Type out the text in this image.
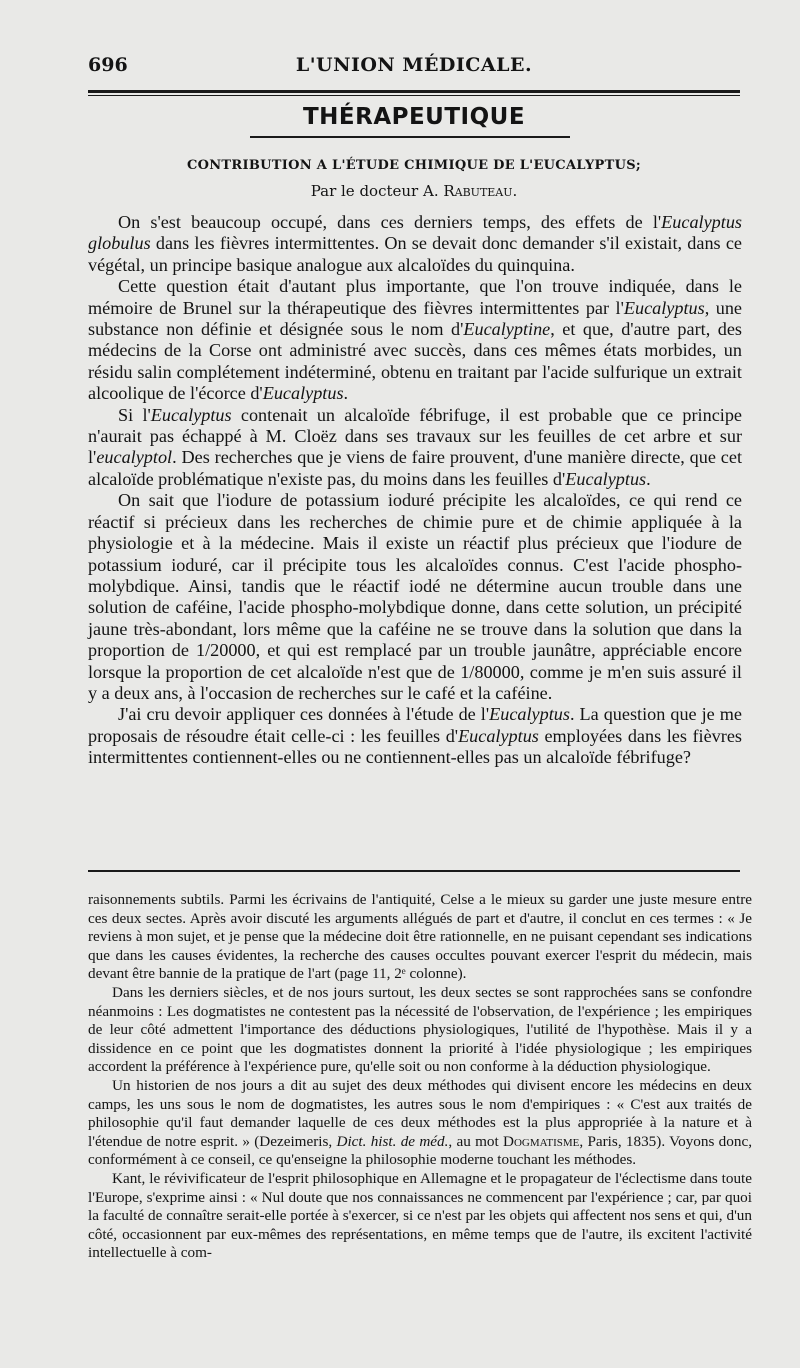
696	L'UNION MÉDICALE.
THÉRAPEUTIQUE
CONTRIBUTION A L'ÉTUDE CHIMIQUE DE L'EUCALYPTUS;
Par le docteur A. Rabuteau.

On s'est beaucoup occupé, dans ces derniers temps, des effets de l'Eucalyptus globulus dans les fièvres intermittentes. On se devait donc demander s'il existait, dans ce végétal, un principe basique analogue aux alcaloïdes du quinquina.

Cette question était d'autant plus importante, que l'on trouve indiquée, dans le mémoire de Brunel sur la thérapeutique des fièvres intermittentes par l'Eucalyptus, une substance non définie et désignée sous le nom d'Eucalyptine, et que, d'autre part, des médecins de la Corse ont administré avec succès, dans ces mêmes états morbides, un résidu salin complétement indéterminé, obtenu en traitant par l'acide sulfurique un extrait alcoolique de l'écorce d'Eucalyptus.

Si l'Eucalyptus contenait un alcaloïde fébrifuge, il est probable que ce principe n'aurait pas échappé à M. Cloëz dans ses travaux sur les feuilles de cet arbre et sur l'eucalyptol. Des recherches que je viens de faire prouvent, d'une manière directe, que cet alcaloïde problématique n'existe pas, du moins dans les feuilles d'Eucalyptus.

On sait que l'iodure de potassium ioduré précipite les alcaloïdes, ce qui rend ce réactif si précieux dans les recherches de chimie pure et de chimie appliquée à la physiologie et à la médecine. Mais il existe un réactif plus précieux que l'iodure de potassium ioduré, car il précipite tous les alcaloïdes connus. C'est l'acide phospho-molybdique. Ainsi, tandis que le réactif iodé ne détermine aucun trouble dans une solution de caféine, l'acide phospho-molybdique donne, dans cette solution, un précipité jaune très-abondant, lors même que la caféine ne se trouve dans la solution que dans la proportion de 1/20000, et qui est remplacé par un trouble jaunâtre, appréciable encore lorsque la proportion de cet alcaloïde n'est que de 1/80000, comme je m'en suis assuré il y a deux ans, à l'occasion de recherches sur le café et la caféine.

J'ai cru devoir appliquer ces données à l'étude de l'Eucalyptus. La question que je me proposais de résoudre était celle-ci : les feuilles d'Eucalyptus employées dans les fièvres intermittentes contiennent-elles ou ne contiennent-elles pas un alcaloïde fébrifuge?

raisonnements subtils. Parmi les écrivains de l'antiquité, Celse a le mieux su garder une juste mesure entre ces deux sectes. Après avoir discuté les arguments allégués de part et d'autre, il conclut en ces termes : « Je reviens à mon sujet, et je pense que la médecine doit être rationnelle, en ne puisant cependant ses indications que dans les causes évidentes, la recherche des causes occultes pouvant exercer l'esprit du médecin, mais devant être bannie de la pratique de l'art (page 11, 2ᵉ colonne).

Dans les derniers siècles, et de nos jours surtout, les deux sectes se sont rapprochées sans se confondre néanmoins : Les dogmatistes ne contestent pas la nécessité de l'observation, de l'expérience ; les empiriques de leur côté admettent l'importance des déductions physiologiques, l'utilité de l'hypothèse. Mais il y a dissidence en ce point que les dogmatistes donnent la priorité à l'idée physiologique ; les empiriques accordent la préférence à l'expérience pure, qu'elle soit ou non conforme à la déduction physiologique.

Un historien de nos jours a dit au sujet des deux méthodes qui divisent encore les médecins en deux camps, les uns sous le nom de dogmatistes, les autres sous le nom d'empiriques : « C'est aux traités de philosophie qu'il faut demander laquelle de ces deux méthodes est la plus appropriée à la nature et à l'étendue de notre esprit. » (Dezeimeris, Dict. hist. de méd., au mot Dogmatisme, Paris, 1835). Voyons donc, conformément à ce conseil, ce qu'enseigne la philosophie moderne touchant les méthodes.

Kant, le révivificateur de l'esprit philosophique en Allemagne et le propagateur de l'éclectisme dans toute l'Europe, s'exprime ainsi : « Nul doute que nos connaissances ne commencent par l'expérience ; car, par quoi la faculté de connaître serait-elle portée à s'exercer, si ce n'est par les objets qui affectent nos sens et qui, d'un côté, occasionnent par eux-mêmes des représentations, en même temps que de l'autre, ils excitent l'activité intellectuelle à com-
